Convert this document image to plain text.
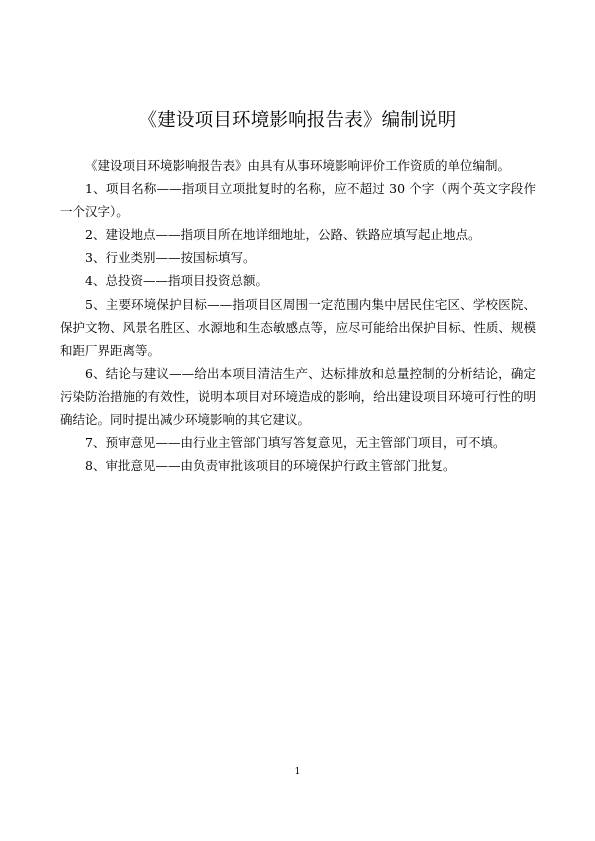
《建设项目环境影响报告表》编制说明

《建设项目环境影响报告表》由具有从事环境影响评价工作资质的单位编制。

1、项目名称——指项目立项批复时的名称，应不超过 30 个字（两个英文字段作一个汉字）。

2、建设地点——指项目所在地详细地址，公路、铁路应填写起止地点。

3、行业类别——按国标填写。

4、总投资——指项目投资总额。

5、主要环境保护目标——指项目区周围一定范围内集中居民住宅区、学校医院、保护文物、风景名胜区、水源地和生态敏感点等，应尽可能给出保护目标、性质、规模和距厂界距离等。

6、结论与建议——给出本项目清洁生产、达标排放和总量控制的分析结论，确定污染防治措施的有效性，说明本项目对环境造成的影响，给出建设项目环境可行性的明确结论。同时提出减少环境影响的其它建议。

7、预审意见——由行业主管部门填写答复意见，无主管部门项目，可不填。

8、审批意见——由负责审批该项目的环境保护行政主管部门批复。

1
